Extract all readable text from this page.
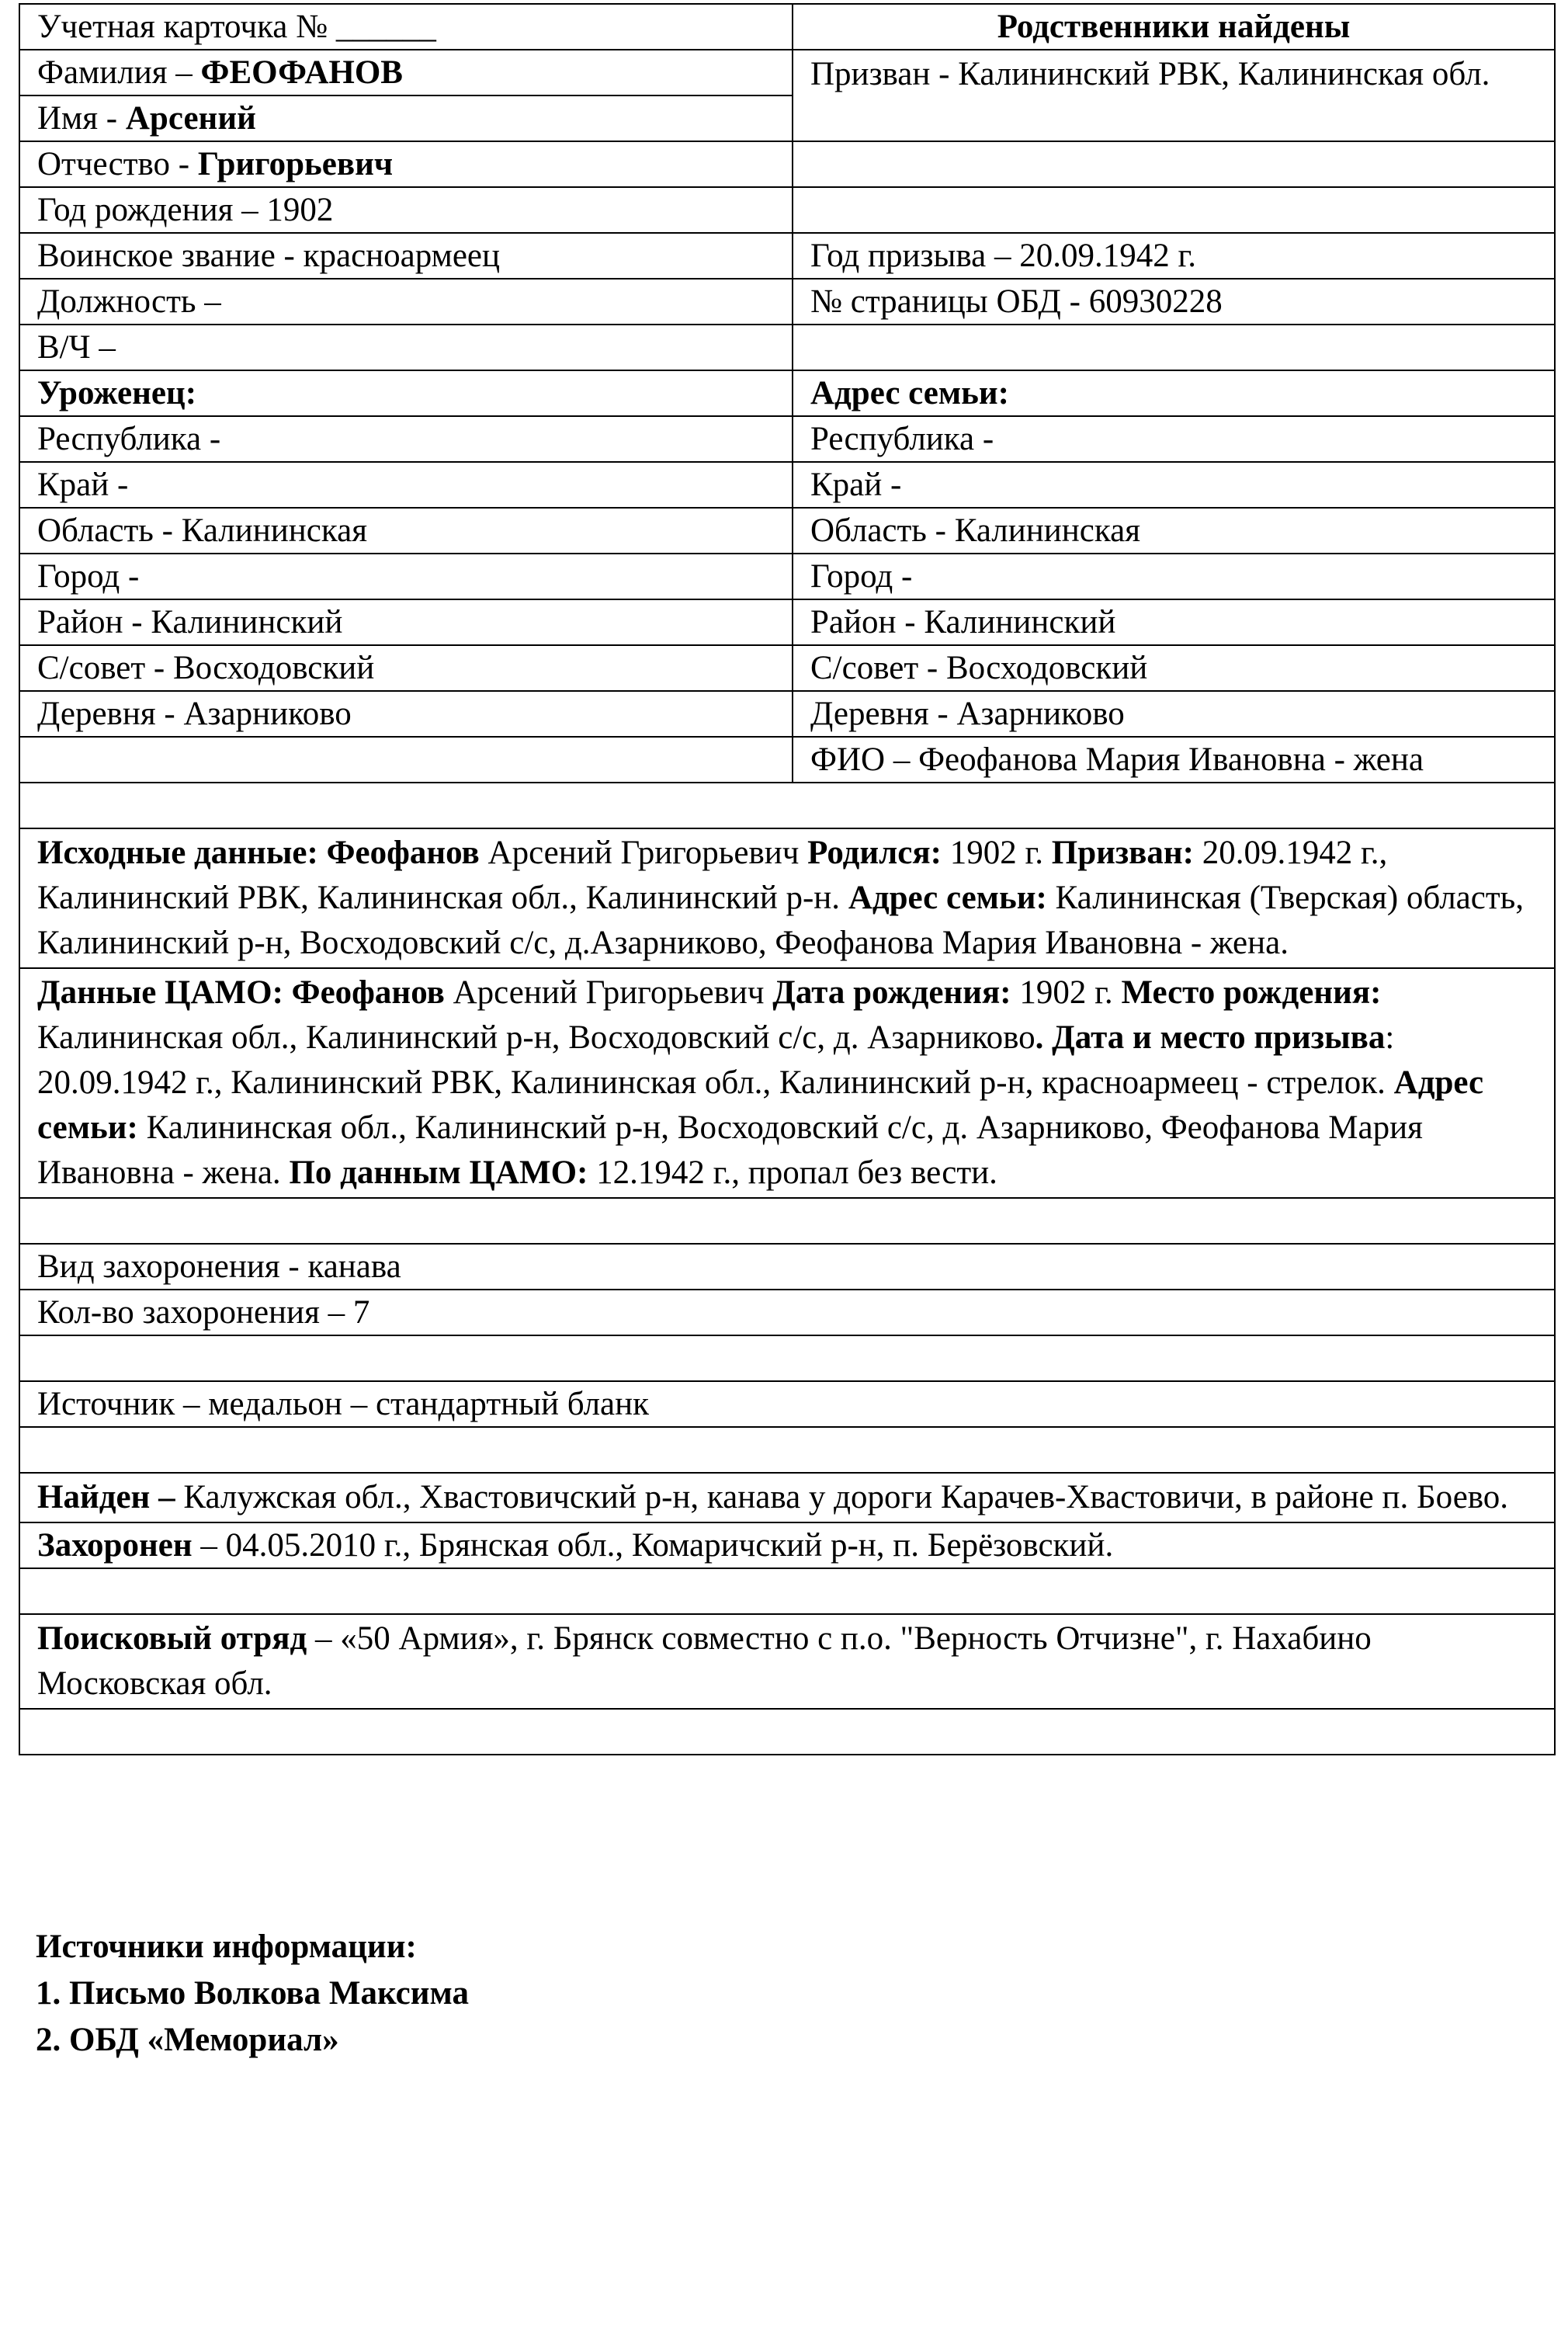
Учетная карточка № ______	Родственники найдены
Фамилия – ФЕОФАНОВ	Призван - Калининский РВК, Калининская обл.
Имя - Арсений	
Отчество - Григорьевич	
Год рождения – 1902	
Воинское звание - красноармеец	Год призыва – 20.09.1942 г.
Должность –	№ страницы ОБД - 60930228
В/Ч –	
Уроженец:	Адрес семьи:
Республика -	Республика -
Край -	Край -
Область - Калининская	Область - Калининская
Город -	Город -
Район - Калининский	Район - Калининский
С/совет - Восходовский	С/совет - Восходовский
Деревня - Азарниково	Деревня - Азарниково
	ФИО – Феофанова Мария Ивановна - жена

Исходные данные: Феофанов Арсений Григорьевич Родился: 1902 г. Призван: 20.09.1942 г., Калининский РВК, Калининская обл., Калининский р-н. Адрес семьи: Калининская (Тверская) область, Калининский р-н, Восходовский с/с, д.Азарниково, Феофанова Мария Ивановна - жена.	
Данные ЦАМО: Феофанов Арсений Григорьевич Дата рождения: 1902 г. Место рождения: Калининская обл., Калининский р-н, Восходовский с/с, д. Азарниково. Дата и место призыва: 20.09.1942 г., Калининский РВК, Калининская обл., Калининский р-н, красноармеец - стрелок. Адрес семьи: Калининская обл., Калининский р-н, Восходовский с/с, д. Азарниково, Феофанова Мария Ивановна - жена. По данным ЦАМО: 12.1942 г., пропал без вести.	

Вид захоронения - канава	
Кол-во захоронения – 7	

Источник – медальон – стандартный бланк	

Найден – Калужская обл., Хвастовичский р-н, канава у дороги Карачев-Хвастовичи, в районе п. Боево.	
Захоронен – 04.05.2010 г., Брянская обл., Комаричский р-н, п. Берёзовский.	

Поисковый отряд – «50 Армия», г. Брянск совместно с п.о. "Верность Отчизне", г. Нахабино Московская обл.	

Источники информации:
1. Письмо Волкова Максима
2. ОБД «Мемориал»
